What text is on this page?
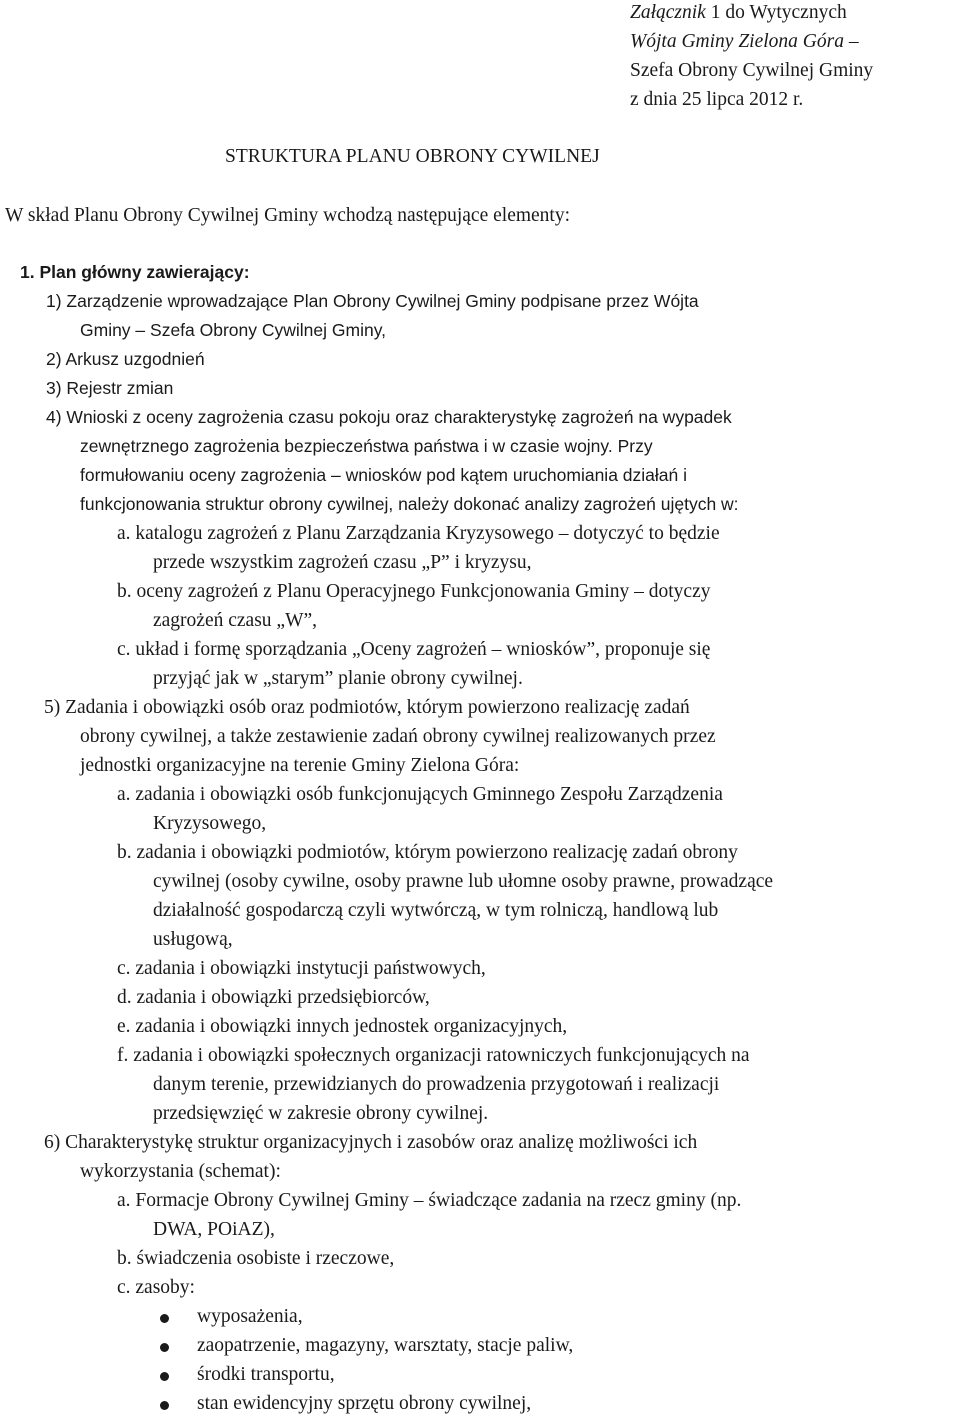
Załącznik 1 do Wytycznych
Wójta Gminy Zielona Góra –
Szefa Obrony Cywilnej Gminy
z dnia 25 lipca 2012 r.
STRUKTURA PLANU OBRONY CYWILNEJ
W skład Planu Obrony Cywilnej Gminy wchodzą następujące elementy:
1. Plan główny zawierający:
1) Zarządzenie wprowadzające Plan Obrony Cywilnej Gminy podpisane przez Wójta
Gminy – Szefa Obrony Cywilnej Gminy,
2) Arkusz uzgodnień
3) Rejestr zmian
4) Wnioski z oceny zagrożenia czasu pokoju oraz charakterystykę zagrożeń na wypadek
zewnętrznego zagrożenia bezpieczeństwa państwa i w czasie wojny. Przy
formułowaniu oceny zagrożenia – wniosków pod kątem uruchomiania działań i
funkcjonowania struktur obrony cywilnej, należy dokonać analizy zagrożeń ujętych w:
a. katalogu zagrożeń z Planu Zarządzania Kryzysowego – dotyczyć to będzie
przede wszystkim zagrożeń czasu „P” i kryzysu,
b. oceny zagrożeń z Planu Operacyjnego Funkcjonowania Gminy – dotyczy
zagrożeń czasu „W”,
c. układ i formę sporządzania „Oceny zagrożeń – wniosków”, proponuje się
przyjąć jak w „starym” planie obrony cywilnej.
5) Zadania i obowiązki osób oraz podmiotów, którym powierzono realizację zadań
obrony cywilnej, a także zestawienie zadań obrony cywilnej realizowanych przez
jednostki organizacyjne na terenie Gminy Zielona Góra:
a. zadania i obowiązki osób funkcjonujących Gminnego Zespołu Zarządzenia
Kryzysowego,
b. zadania i obowiązki podmiotów, którym powierzono realizację zadań obrony
cywilnej (osoby cywilne, osoby prawne lub ułomne osoby prawne, prowadzące
działalność gospodarczą czyli wytwórczą, w tym rolniczą, handlową lub
usługową,
c. zadania i obowiązki instytucji państwowych,
d. zadania i obowiązki przedsiębiorców,
e. zadania i obowiązki innych jednostek organizacyjnych,
f. zadania i obowiązki społecznych organizacji ratowniczych funkcjonujących na
danym terenie, przewidzianych do prowadzenia przygotowań i realizacji
przedsięwzięć w zakresie obrony cywilnej.
6) Charakterystykę struktur organizacyjnych i zasobów oraz analizę możliwości ich
wykorzystania (schemat):
a. Formacje Obrony Cywilnej Gminy – świadczące zadania na rzecz gminy (np.
DWA, POiAZ),
b. świadczenia osobiste i rzeczowe,
c. zasoby:
wyposażenia,
zaopatrzenie, magazyny, warsztaty, stacje paliw,
środki transportu,
stan ewidencyjny sprzętu obrony cywilnej,
